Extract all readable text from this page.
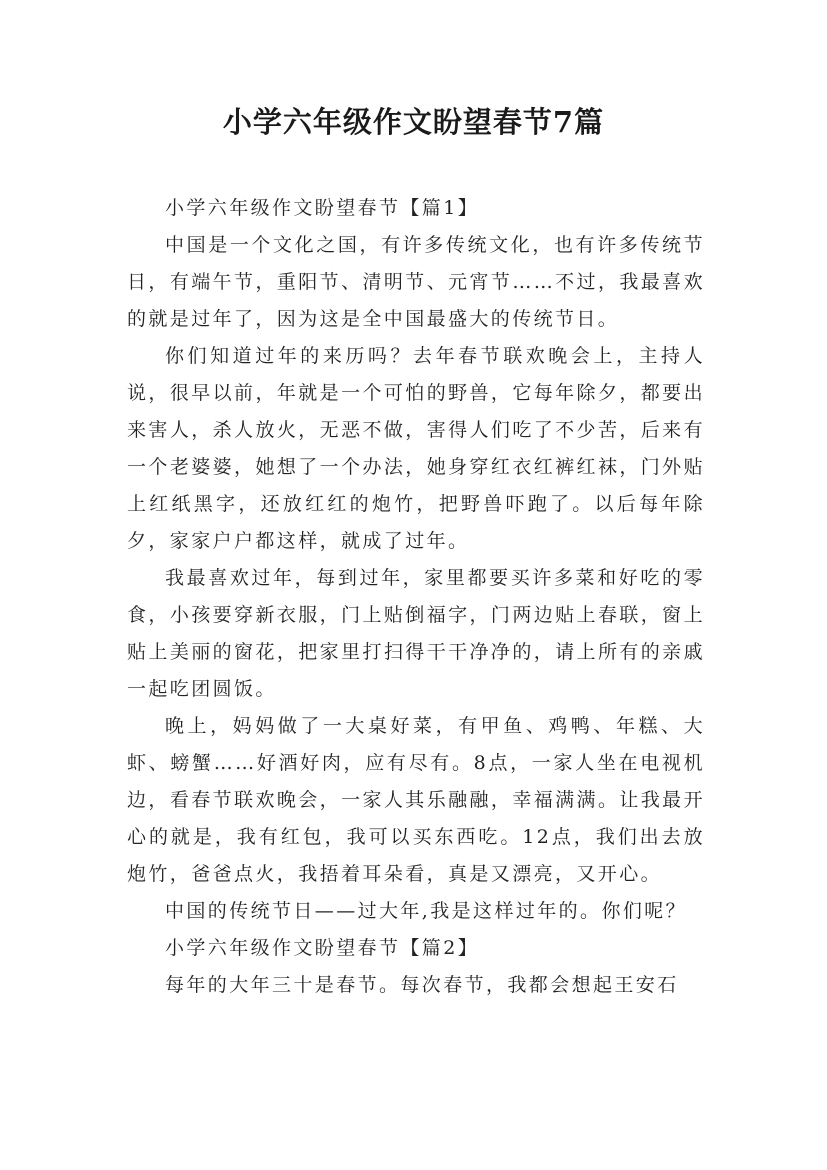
小学六年级作文盼望春节7篇

小学六年级作文盼望春节【篇1】

中国是一个文化之国，有许多传统文化，也有许多传统节日，有端午节，重阳节、清明节、元宵节……不过，我最喜欢的就是过年了，因为这是全中国最盛大的传统节日。

你们知道过年的来历吗？去年春节联欢晚会上，主持人说，很早以前，年就是一个可怕的野兽，它每年除夕，都要出来害人，杀人放火，无恶不做，害得人们吃了不少苦，后来有一个老婆婆，她想了一个办法，她身穿红衣红裤红袜，门外贴上红纸黑字，还放红红的炮竹，把野兽吓跑了。以后每年除夕，家家户户都这样，就成了过年。

我最喜欢过年，每到过年，家里都要买许多菜和好吃的零食，小孩要穿新衣服，门上贴倒福字，门两边贴上春联，窗上贴上美丽的窗花，把家里打扫得干干净净的，请上所有的亲戚一起吃团圆饭。

晚上，妈妈做了一大桌好菜，有甲鱼、鸡鸭、年糕、大虾、螃蟹……好酒好肉，应有尽有。8点，一家人坐在电视机边，看春节联欢晚会，一家人其乐融融，幸福满满。让我最开心的就是，我有红包，我可以买东西吃。12点，我们出去放炮竹，爸爸点火，我捂着耳朵看，真是又漂亮，又开心。

中国的传统节日——过大年,我是这样过年的。你们呢？

小学六年级作文盼望春节【篇2】

每年的大年三十是春节。每次春节，我都会想起王安石
